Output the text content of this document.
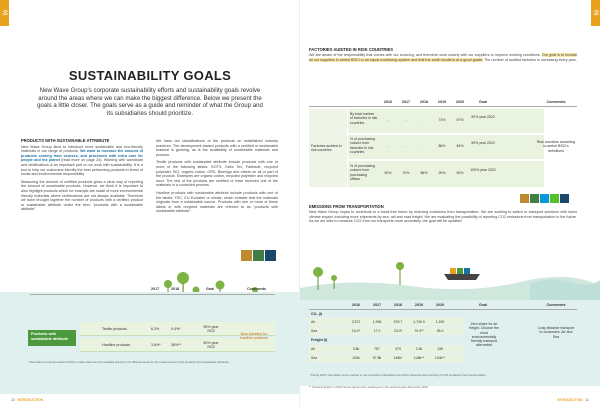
01
SUSTAINABILITY GOALS
New Wave Group's corporate sustainability efforts and sustainability goals revolve around the areas where we can make the biggest difference. Below we present the goals a little closer. The goals serve as a guide and reminder of what the Group and its subsidiaries should prioritize.
PRODUCTS WITH SUSTAINABLE ATTRIBUTE

New Wave Group aims to introduce more sustainable and eco-friendly materials in our range of products. We want to increase the amount of products coming from sources, and processes with extra care for people and the planet (read more on page 24). Working with worldwide and certifications is an important part of our work with sustainability. It is a tool to help our customers identify the best performing products in terms of social and environmental responsibility.

Measuring the amount of certified products gives a clear way of reporting the amount of sustainable products. However, we think it is important to also highlight products which for example are made of more environmental friendly materials where certifications are not always available. Therefore we have brought together the number of products with a certified product or sustainable attribute under the term "products with a sustainable attribute".

We base our classifications of the products on established industry practices. The development toward products with a certified or sustainable material is growing, as is the availability of sustainable materials and process.

Textile products with sustainable attribute include products with one or more of the following labels: GOTS, Oeko Tex, Fairtrade, recycled polyester, BCI, organic cotton, GRS, Bluesign and others on all or part of the product. Examples are organic cotton, recycled polyester and recycled wool. The rest of the products are certified or have received one of the materials in a controlled process.

Hardline products with sustainable attribute include products with one of the labels: FSC, EU Ecolabel or similar, which indicate that the materials originate from a sustainable source. Products with one or more of these labels or with recycled materials are referred to as "products with sustainable attribute".

2017	2018	Goal	Comments
Products with sustainable attribute
Textile products	6.2%	9.4%*	90% year 2022
Hardline products	3.6%*	36%**	50% year 2022
New baseline for hardline products
* New Wave Group has started 2019 to collect data from the available brands in the different areas for the measurement of the products with sustainable attributes.
10 INTRODUCTION
01
FACTORIES AUDITED IN RISK COUNTRIES
We are aware of the responsibility that comes with our sourcing, and therefore work closely with our suppliers to improve working conditions. Our goal is to include all our suppliers in amfori BSCI or an equal monitoring system and that the audit results is at a good grade. The number of audited factories is increasing every year.
2016	2017	2018	2019	2020	Goal	Comments
Factories audited in risk countries
By total number of factories in risk countries
-	-	-	74%	67%
90% year 2022
% of purchasing volume from factories in risk countries
-	-	-	86%	84%
90% year 2022
% of purchasing volume from purchasing offices
52%	70%	86%	90%	92%
100% year 2022
Risk countries according to amfori BSCI's definitions
EMISSIONS FROM TRANSPORTATION
New Wave Group hopes to contribute to a fossil-free future by reducing emissions from transportation. We are working to switch to transport solutions with lower climate impact, including more shipments by sea, rail and road freight. We are evaluating the possibility of reporting CO2 emissions from transportation in the future. As we are able to measure CO2 from our transports more accurately, the goal will be updated.
2016	2017	2018	2019	2020	Goal	Comments
CO₂ (t)
Freight (t)
Air	2,571	1,996	978.7	1,749.9	1,200
Sea	16.0*	17.0	23.0*	79.3**	35.0
Air	3.8k	787	379	2.5k	136
Sea	105k	97.8k	148k*	148k**	104k**
Zero share for air freight. Choose the most environmentally friendly transport alternative
Long distance transport to customers. Air and Sea
* During 2019, New Wave Group started to use a transport calculation tool which influences the reporting of CO2 emissions from transportation.
** Products freight in 2019 has the figures from partial year in the period August-December 2019.
INTRODUCTION 11
